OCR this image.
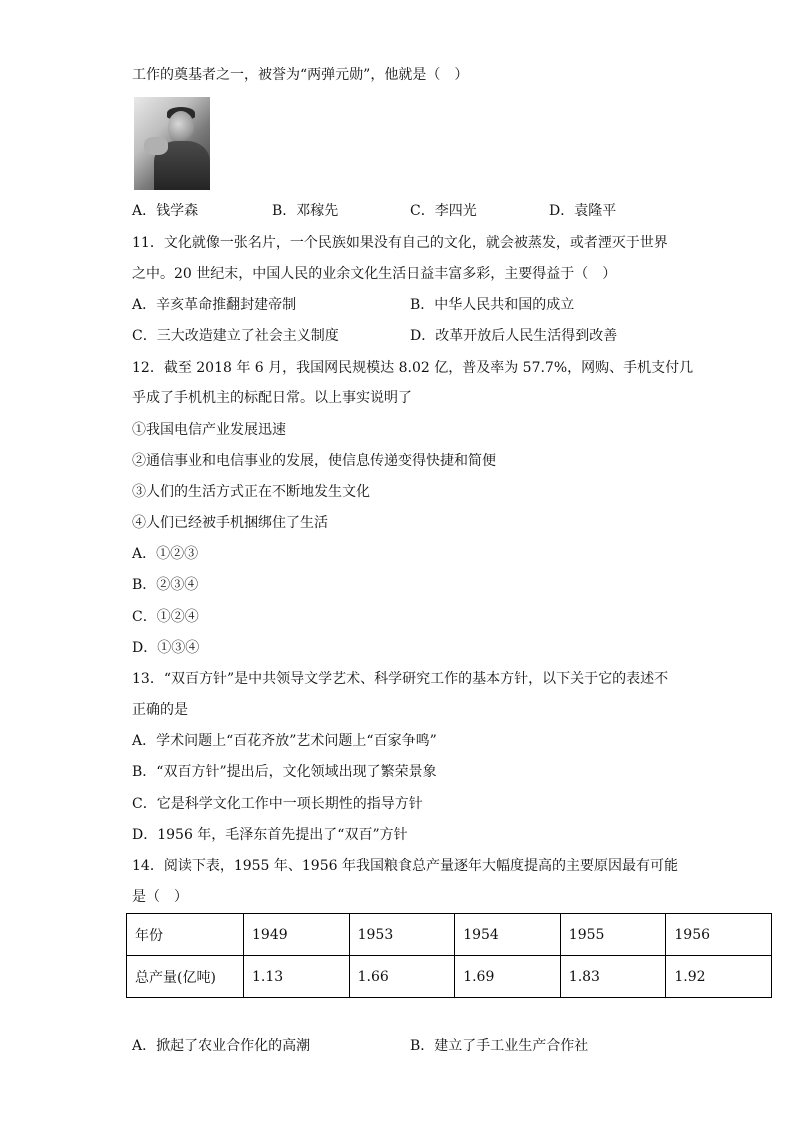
工作的奠基者之一，被誉为“两弹元勋”，他就是（　）
A．钱学森	B．邓稼先	C．李四光	D．袁隆平
11．文化就像一张名片，一个民族如果没有自己的文化，就会被蒸发，或者湮灭于世界
之中。20 世纪末，中国人民的业余文化生活日益丰富多彩，主要得益于（　）
A．辛亥革命推翻封建帝制	B．中华人民共和国的成立
C．三大改造建立了社会主义制度	D．改革开放后人民生活得到改善
12．截至 2018 年 6 月，我国网民规模达 8.02 亿，普及率为 57.7%，网购、手机支付几
乎成了手机机主的标配日常。以上事实说明了
①我国电信产业发展迅速
②通信事业和电信事业的发展，使信息传递变得快捷和简便
③人们的生活方式正在不断地发生文化
④人们已经被手机捆绑住了生活
A．①②③
B．②③④
C．①②④
D．①③④
13．“双百方针”是中共领导文学艺术、科学研究工作的基本方针，以下关于它的表述不
正确的是
A．学术问题上“百花齐放”艺术问题上“百家争鸣”
B．“双百方针”提出后，文化领域出现了繁荣景象
C．它是科学文化工作中一项长期性的指导方针
D．1956 年，毛泽东首先提出了“双百”方针
14．阅读下表，1955 年、1956 年我国粮食总产量逐年大幅度提高的主要原因最有可能
是（　）
年份	1949	1953	1954	1955	1956
总产量(亿吨)	1.13	1.66	1.69	1.83	1.92
A．掀起了农业合作化的高潮	B．建立了手工业生产合作社
